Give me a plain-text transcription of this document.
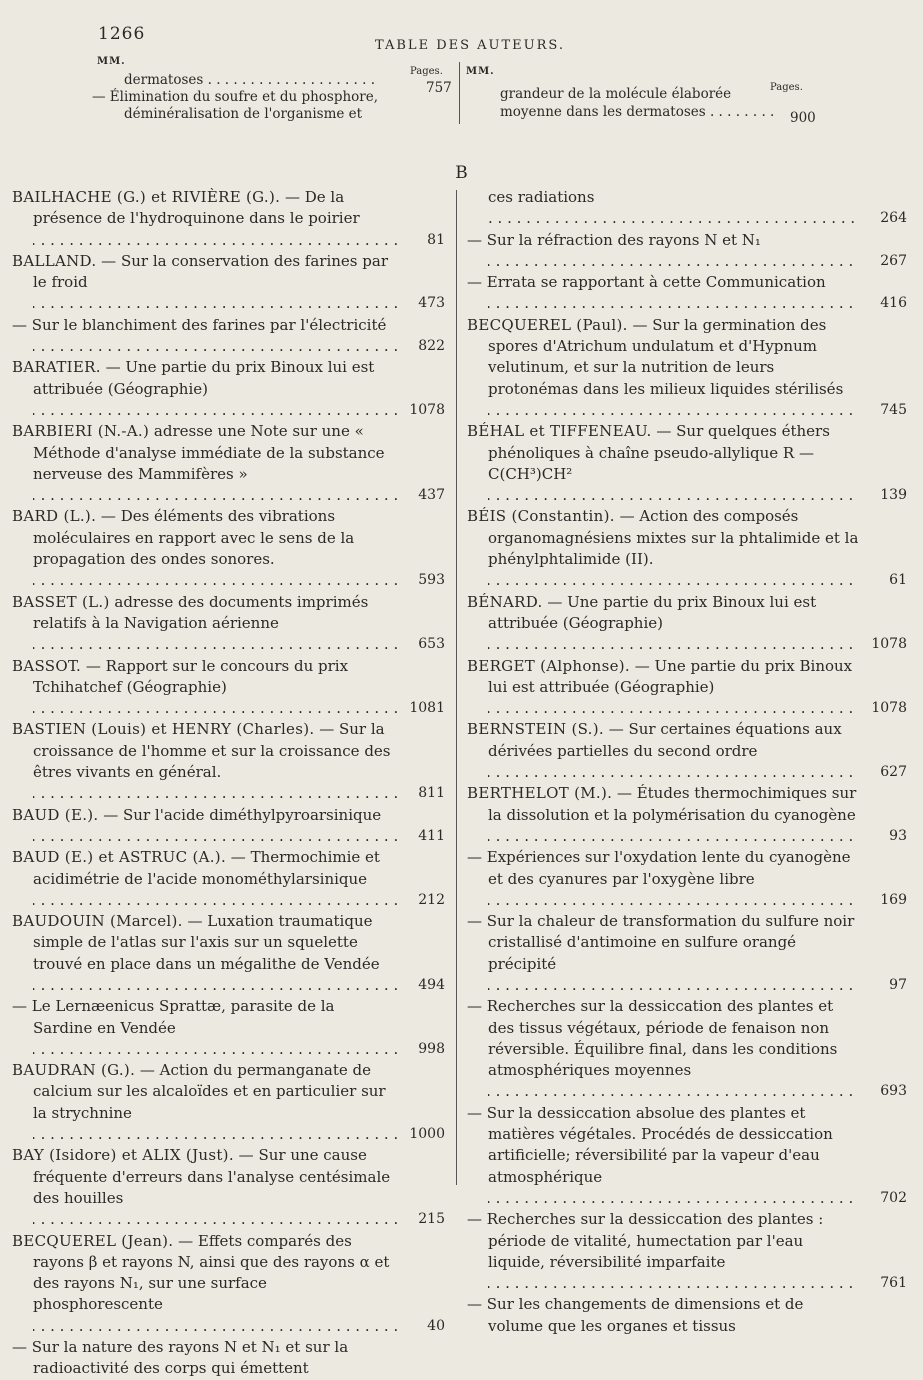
1266
TABLE DES AUTEURS.
MM.
Pages.
dermatoses . . . . . . . . . . . . . . . . . . . .	757
— Élimination du soufre et du phosphore,
déminéralisation de l'organisme et
MM.
Pages.
grandeur de la molécule élaborée
moyenne dans les dermatoses . . . . . . . . 900
B
BAILHACHE (G.) et RIVIÈRE (G.). — De la présence de l'hydroquinone dans le poirier
. . .
81
BALLAND. — Sur la conservation des farines par le froid
. . .
473
— Sur le blanchiment des farines par l'électricité
. . .
822
BARATIER. — Une partie du prix Binoux lui est attribuée (Géographie)
. . .
1078
BARBIERI (N.-A.) adresse une Note sur une « Méthode d'analyse immédiate de la substance nerveuse des Mammifères »
. . .
437
BARD (L.). — Des éléments des vibrations moléculaires en rapport avec le sens de la propagation des ondes sonores.
. . .
593
BASSET (L.) adresse des documents imprimés relatifs à la Navigation aérienne
. . .
653
BASSOT. — Rapport sur le concours du prix Tchihatchef (Géographie)
. . .
1081
BASTIEN (Louis) et HENRY (Charles). — Sur la croissance de l'homme et sur la croissance des êtres vivants en général.
. . .
811
BAUD (E.). — Sur l'acide diméthylpyroarsinique
. . .
411
BAUD (E.) et ASTRUC (A.). — Thermochimie et acidimétrie de l'acide monométhylarsinique
. . .
212
BAUDOUIN (Marcel). — Luxation traumatique simple de l'atlas sur l'axis sur un squelette trouvé en place dans un mégalithe de Vendée
. . .
494
— Le Lernæenicus Sprattæ, parasite de la Sardine en Vendée
. . .
998
BAUDRAN (G.). — Action du permanganate de calcium sur les alcaloïdes et en particulier sur la strychnine
. . .
1000
BAY (Isidore) et ALIX (Just). — Sur une cause fréquente d'erreurs dans l'analyse centésimale des houilles
. . .
215
BECQUEREL (Jean). — Effets comparés des rayons β et rayons N, ainsi que des rayons α et des rayons N₁, sur une surface phosphorescente
. . .
40
— Sur la nature des rayons N et N₁ et sur la radioactivité des corps qui émettent
ces radiations
. . .
264
— Sur la réfraction des rayons N et N₁
. . .
267
— Errata se rapportant à cette Communication
. . .
416
BECQUEREL (Paul). — Sur la germination des spores d'Atrichum undulatum et d'Hypnum velutinum, et sur la nutrition de leurs protonémas dans les milieux liquides stérilisés
. . .
745
BÉHAL et TIFFENEAU. — Sur quelques éthers phénoliques à chaîne pseudo-allylique R — C(CH³)CH²
. . .
139
BÉIS (Constantin). — Action des composés organomagnésiens mixtes sur la phtalimide et la phénylphtalimide (II).
. . .
61
BÉNARD. — Une partie du prix Binoux lui est attribuée (Géographie)
. . .
1078
BERGET (Alphonse). — Une partie du prix Binoux lui est attribuée (Géographie)
. . .
1078
BERNSTEIN (S.). — Sur certaines équations aux dérivées partielles du second ordre
. . .
627
BERTHELOT (M.). — Études thermochimiques sur la dissolution et la polymérisation du cyanogène
. . .
93
— Expériences sur l'oxydation lente du cyanogène et des cyanures par l'oxygène libre
. . .
169
— Sur la chaleur de transformation du sulfure noir cristallisé d'antimoine en sulfure orangé précipité
. . .
97
— Recherches sur la dessiccation des plantes et des tissus végétaux, période de fenaison non réversible. Équilibre final, dans les conditions atmosphériques moyennes
. . .
693
— Sur la dessiccation absolue des plantes et matières végétales. Procédés de dessiccation artificielle; réversibilité par la vapeur d'eau atmosphérique
. . .
702
— Recherches sur la dessiccation des plantes : période de vitalité, humectation par l'eau liquide, réversibilité imparfaite
. . .
761
— Sur les changements de dimensions et de volume que les organes et tissus
